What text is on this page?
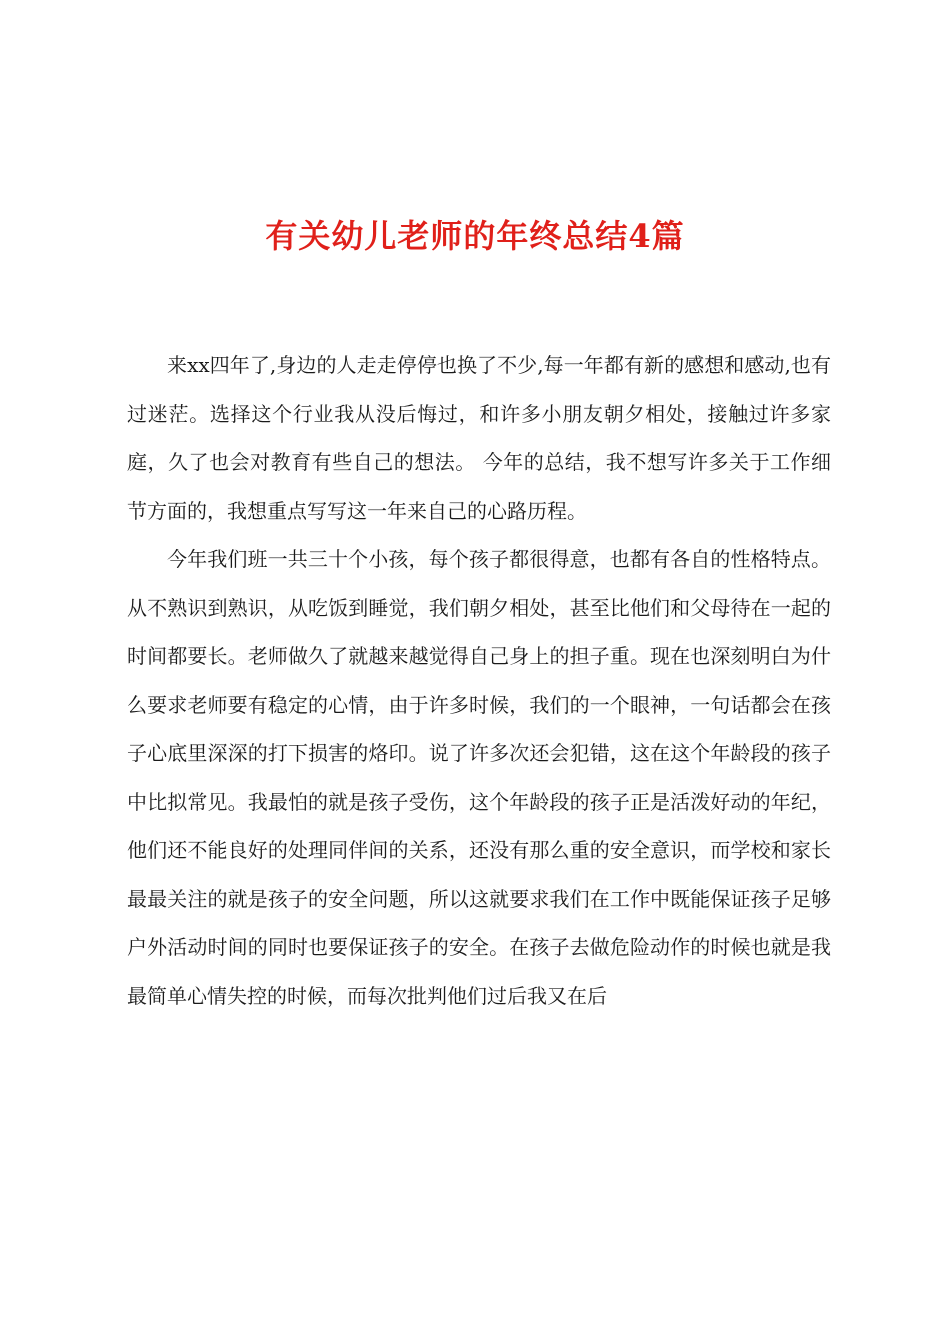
有关幼儿老师的年终总结4篇

来xx四年了,身边的人走走停停也换了不少,每一年都有新的感想和感动,也有过迷茫。选择这个行业我从没后悔过，和许多小朋友朝夕相处，接触过许多家庭，久了也会对教育有些自己的想法。 今年的总结，我不想写许多关于工作细节方面的，我想重点写写这一年来自己的心路历程。

今年我们班一共三十个小孩，每个孩子都很得意，也都有各自的性格特点。从不熟识到熟识，从吃饭到睡觉，我们朝夕相处，甚至比他们和父母待在一起的时间都要长。老师做久了就越来越觉得自己身上的担子重。现在也深刻明白为什么要求老师要有稳定的心情，由于许多时候，我们的一个眼神，一句话都会在孩子心底里深深的打下损害的烙印。说了许多次还会犯错，这在这个年龄段的孩子中比拟常见。我最怕的就是孩子受伤，这个年龄段的孩子正是活泼好动的年纪，他们还不能良好的处理同伴间的关系，还没有那么重的安全意识，而学校和家长最最关注的就是孩子的安全问题，所以这就要求我们在工作中既能保证孩子足够户外活动时间的同时也要保证孩子的安全。在孩子去做危险动作的时候也就是我最简单心情失控的时候，而每次批判他们过后我又在后
